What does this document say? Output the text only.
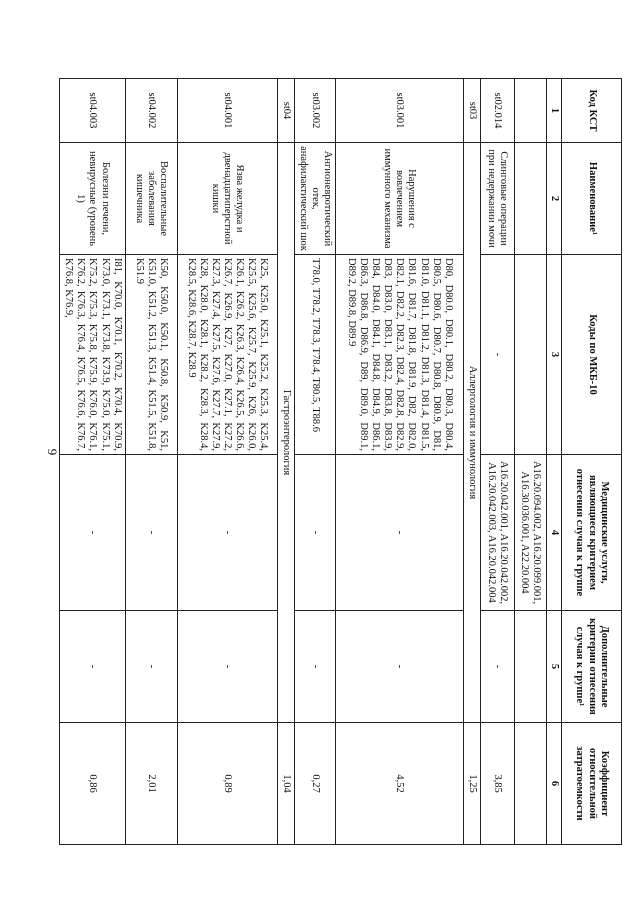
9
Код КСТ	Наименование¹	Коды по МКБ-10	Медицинские услуги, являющиеся критерием отнесения случая к группе	Дополнительные критерии отнесения случая к группе¹	Коэффициент относительной затратоемкости
1	2	3	4	5	6
			A16.20.094.002, A16.20.099.001, A16.30.036.001, A22.20.004		
st02.014	Слинговые операции при недержании мочи	-	A16.20.042.001, A16.20.042.002, A16.20.042.003, A16.20.042.004	-	3,85
st03	Аллергология и иммунология				1,25
st03.001	Нарушения с вовлечением иммунного механизма	D80, D80.0, D80.1, D80.2, D80.3, D80.4, D80.5, D80.6, D80.7, D80.8, D80.9, D81, D81.0, D81.1, D81.2, D81.3, D81.4, D81.5, D81.6, D81.7, D81.8, D81.9, D82, D82.0, D82.1, D82.2, D82.3, D82.4, D82.8, D82.9, D83, D83.0, D83.1, D83.2, D83.8, D83.9, D84, D84.0, D84.1, D84.8, D84.9, D86.1, D86.3, D86.8, D86.9, D89, D89.0, D89.1, D89.2, D89.8, D89.9	-	-	4,52
st03.002	Ангионевротический отек, анафилактический шок	T78.0, T78.2, T78.3, T78.4, T80.5, T88.6	-	-	0,27
st04	Гастроэнтерология				1,04
st04.001	Язва желудка и двенадцатиперстной кишки	K25, K25.0, K25.1, K25.2, K25.3, K25.4, K25.5, K25.6, K25.7, K25.9, K26, K26.0, K26.1, K26.2, K26.3, K26.4, K26.5, K26.6, K26.7, K26.9, K27, K27.0, K27.1, K27.2, K27.3, K27.4, K27.5, K27.6, K27.7, K27.9, K28, K28.0, K28.1, K28.2, K28.3, K28.4, K28.5, K28.6, K28.7, K28.9	-	-	0,89
st04.002	Воспалительные заболевания кишечника	K50, K50.0, K50.1, K50.8, K50.9, K51, K51.0, K51.2, K51.3, K51.4, K51.5, K51.8, K51.9	-	-	2,01
st04.003	Болезни печени, невирусные (уровень 1)	I81, K70.0, K70.1, K70.2, K70.4, K70.9, K73.0, K73.1, K73.8, K73.9, K75.0, K75.1, K75.2, K75.3, K75.8, K75.9, K76.0, K76.1, K76.2, K76.3, K76.4, K76.5, K76.6, K76.7, K76.8, K76.9,	-	-	0,86
